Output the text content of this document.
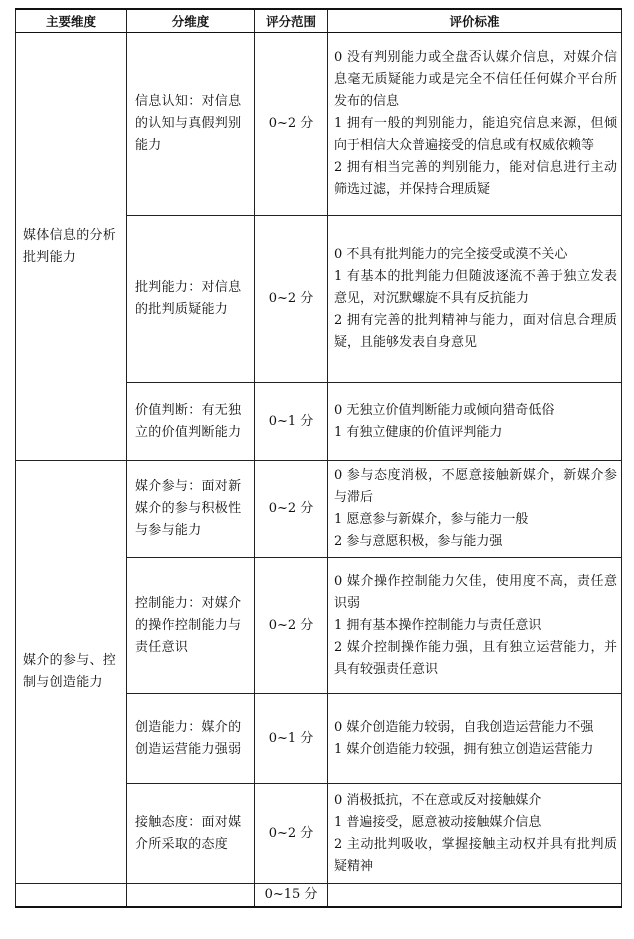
主要维度	分维度	评分范围	评价标准
媒体信息的分析批判能力	信息认知：对信息的认知与真假判别能力	0~2 分	0 没有判别能力或全盘否认媒介信息，对媒介信息毫无质疑能力或是完全不信任任何媒介平台所发布的信息
1 拥有一般的判别能力，能追究信息来源，但倾向于相信大众普遍接受的信息或有权威依赖等
2 拥有相当完善的判别能力，能对信息进行主动筛选过滤，并保持合理质疑

	批判能力：对信息的批判质疑能力	0~2 分	0 不具有批判能力的完全接受或漠不关心
1 有基本的批判能力但随波逐流不善于独立发表意见，对沉默螺旋不具有反抗能力
2 拥有完善的批判精神与能力，面对信息合理质疑，且能够发表自身意见

	价值判断：有无独立的价值判断能力	0~1 分	0 无独立价值判断能力或倾向猎奇低俗
1 有独立健康的价值评判能力

媒介的参与、控制与创造能力	媒介参与：面对新媒介的参与积极性与参与能力	0~2 分	0 参与态度消极，不愿意接触新媒介，新媒介参与滞后
1 愿意参与新媒介，参与能力一般
2 参与意愿积极，参与能力强

	控制能力：对媒介的操作控制能力与责任意识	0~2 分	0 媒介操作控制能力欠佳，使用度不高，责任意识弱
1 拥有基本操作控制能力与责任意识
2 媒介控制操作能力强，且有独立运营能力，并具有较强责任意识

	创造能力：媒介的创造运营能力强弱	0~1 分	0 媒介创造能力较弱，自我创造运营能力不强
1 媒介创造能力较强，拥有独立创造运营能力

	接触态度：面对媒介所采取的态度	0~2 分	0 消极抵抗，不在意或反对接触媒介
1 普遍接受，愿意被动接触媒介信息
2 主动批判吸收，掌握接触主动权并具有批判质疑精神

		0~15 分	
